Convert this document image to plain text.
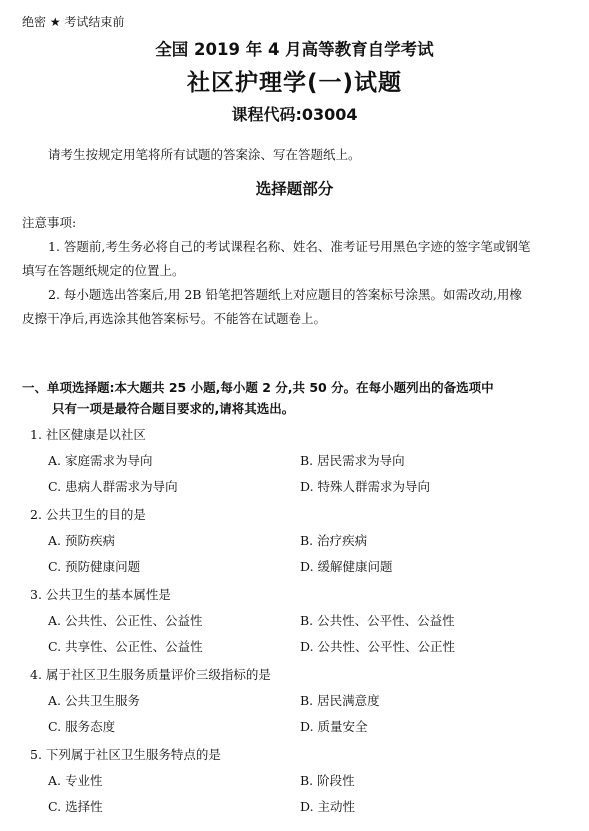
绝密 ★ 考试结束前
全国 2019 年 4 月高等教育自学考试
社区护理学(一)试题
课程代码:03004
请考生按规定用笔将所有试题的答案涂、写在答题纸上。
选择题部分
注意事项:
1. 答题前,考生务必将自己的考试课程名称、姓名、准考证号用黑色字迹的签字笔或钢笔
填写在答题纸规定的位置上。
2. 每小题选出答案后,用 2B 铅笔把答题纸上对应题目的答案标号涂黑。如需改动,用橡
皮擦干净后,再选涂其他答案标号。不能答在试题卷上。
一、单项选择题:本大题共 25 小题,每小题 2 分,共 50 分。在每小题列出的备选项中
只有一项是最符合题目要求的,请将其选出。
1. 社区健康是以社区
A. 家庭需求为导向	B. 居民需求为导向
C. 患病人群需求为导向	D. 特殊人群需求为导向
2. 公共卫生的目的是
A. 预防疾病	B. 治疗疾病
C. 预防健康问题	D. 缓解健康问题
3. 公共卫生的基本属性是
A. 公共性、公正性、公益性	B. 公共性、公平性、公益性
C. 共享性、公正性、公益性	D. 公共性、公平性、公正性
4. 属于社区卫生服务质量评价三级指标的是
A. 公共卫生服务	B. 居民满意度
C. 服务态度	D. 质量安全
5. 下列属于社区卫生服务特点的是
A. 专业性	B. 阶段性
C. 选择性	D. 主动性
